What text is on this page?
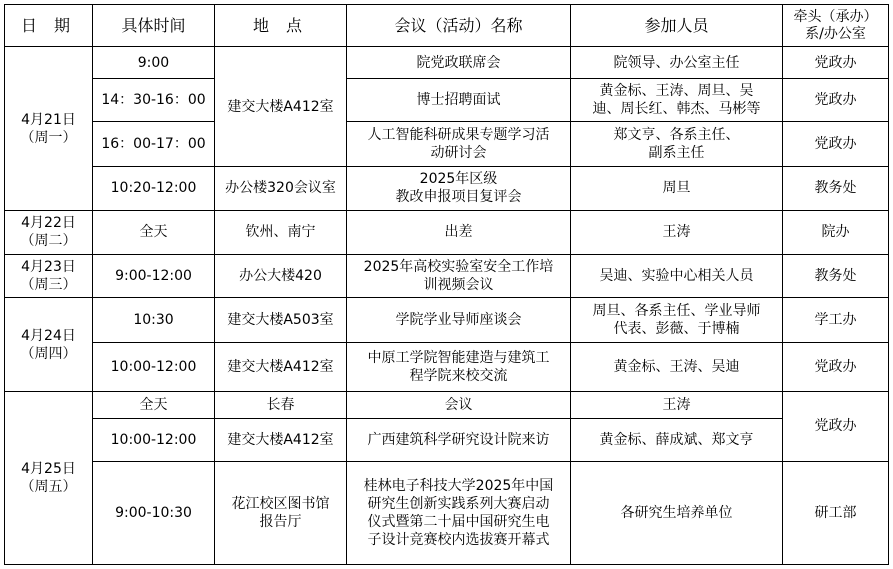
日 期	具体时间	地 点	会议（活动）名称	参加人员	牵头（承办）
系/办公室
4月21日
（周一）	9:00	建交大楼A412室	院党政联席会	院领导、办公室主任	党政办
	14：30-16：00		博士招聘面试	黄金标、王涛、周旦、吴
迪、周长红、韩杰、马彬等	党政办
	16：00-17：00		人工智能科研成果专题学习活
动研讨会	郑文亨、各系主任、
副系主任	党政办
	10:20-12:00	办公楼320会议室	2025年区级
教改申报项目复评会	周旦	教务处
4月22日
（周二）	全天	钦州、南宁	出差	王涛	院办
4月23日
（周三）	9:00-12:00	办公大楼420	2025年高校实验室安全工作培
训视频会议	吴迪、实验中心相关人员	教务处
4月24日
（周四）	10:30	建交大楼A503室	学院学业导师座谈会	周旦、各系主任、学业导师
代表、彭薇、于博楠	学工办
	10:00-12:00	建交大楼A412室	中原工学院智能建造与建筑工
程学院来校交流	黄金标、王涛、吴迪	党政办
4月25日
（周五）	全天	长春	会议	王涛	党政办
	10:00-12:00	建交大楼A412室	广西建筑科学研究设计院来访	黄金标、薛成斌、郑文亨	
	9:00-10:30	花江校区图书馆
报告厅	桂林电子科技大学2025年中国
研究生创新实践系列大赛启动
仪式暨第二十届中国研究生电
子设计竞赛校内选拔赛开幕式	各研究生培养单位	研工部
